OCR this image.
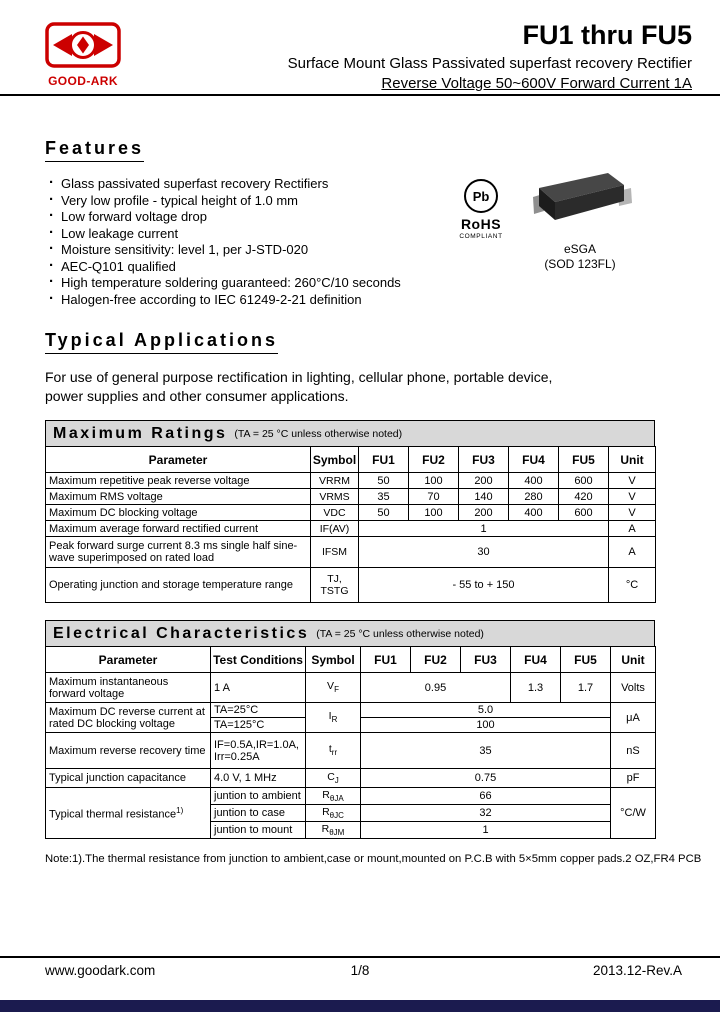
GOOD-ARK
FU1 thru FU5
Surface Mount Glass Passivated superfast recovery Rectifier
Reverse Voltage 50~600V Forward Current 1A
Features
· Glass passivated superfast recovery Rectifiers
· Very low profile - typical height of 1.0 mm
· Low forward voltage drop
· Low leakage current
· Moisture sensitivity: level 1, per J-STD-020
· AEC-Q101 qualified
· High temperature soldering guaranteed: 260°C/10 seconds
· Halogen-free according to IEC 61249-2-21 definition
Pb
RoHS
COMPLIANT
eSGA
(SOD 123FL)
Typical Applications
For use of general purpose rectification in lighting, cellular phone, portable device,
power supplies and other consumer applications.
Maximum Ratings (TA = 25 °C unless otherwise noted)
Parameter	Symbol	FU1	FU2	FU3	FU4	FU5	Unit
Maximum repetitive peak reverse voltage	VRRM	50	100	200	400	600	V
Maximum RMS voltage	VRMS	35	70	140	280	420	V
Maximum DC blocking voltage	VDC	50	100	200	400	600	V
Maximum average forward rectified current	IF(AV)	1					A
Peak forward surge current 8.3 ms single half sine-wave superimposed on rated load	IFSM	30					A
Operating junction and storage temperature range	TJ, TSTG	- 55 to + 150					°C
Electrical Characteristics (TA = 25 °C unless otherwise noted)
Parameter	Test Conditions	Symbol	FU1	FU2	FU3	FU4	FU5	Unit
Maximum instantaneous forward voltage	1 A	$V_F$	0.95			1.3	1.7	Volts
Maximum DC reverse current at rated DC blocking voltage	TA=25°C	$I_R$	5.0					μA
	TA=125°C		100					
Maximum reverse recovery time	IF=0.5A,IR=1.0A,
Irr=0.25A	$t_{rr}$	35					nS
Typical junction capacitance	4.0 V, 1 MHz	$C_J$	0.75					pF
Typical thermal resistance$^{1)}$	juntion to ambient	$R_{\theta JA}$	66					°C/W
	juntion to case	$R_{\theta JC}$	32					
	juntion to mount	$R_{\theta JM}$	1					
Note:1).The thermal resistance from junction to ambient,case or mount,mounted on P.C.B with 5×5mm copper pads.2 OZ,FR4 PCB
1/8
www.goodark.com	2013.12-Rev.A
